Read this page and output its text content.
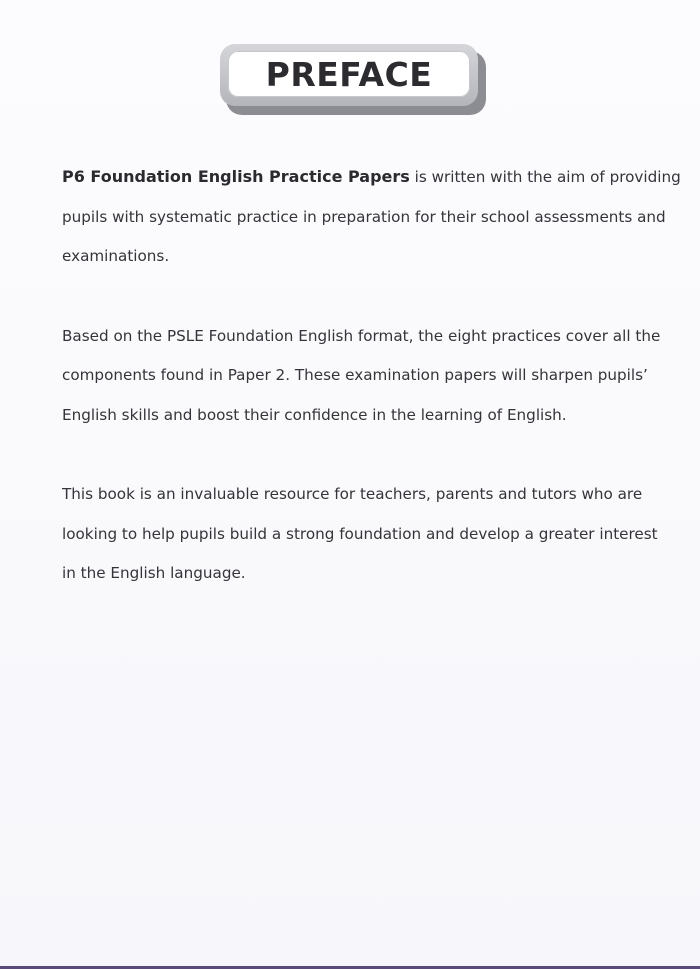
PREFACE

P6 Foundation English Practice Papers is written with the aim of providing
pupils with systematic practice in preparation for their school assessments and
examinations.

Based on the PSLE Foundation English format, the eight practices cover all the
components found in Paper 2. These examination papers will sharpen pupils’
English skills and boost their confidence in the learning of English.

This book is an invaluable resource for teachers, parents and tutors who are
looking to help pupils build a strong foundation and develop a greater interest
in the English language.
